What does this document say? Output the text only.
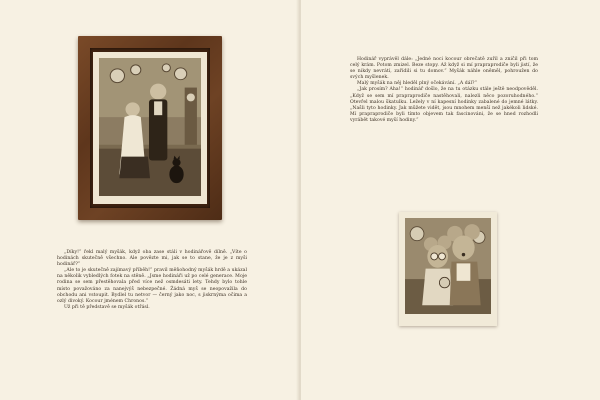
„Díky!“ řekl malý myšák, když oba zase stáli v hodinářově dílně. „Víte o hodinách skutečně všechno. Ale povězte mi, jak se to stane, že je z myši hodinář?“

„Ale to je skutečně zajímavý příběh!“ pravil měňohodný myšák hrdě a ukázal na několik vybledlých fotek na stěně. „Jsme hodináři už po celé generace. Moje rodina se sem přestěhovala před více než osmdesáti lety. Tehdy bylo tohle místo považováno za nanejvýš nebezpečné. Žádná myš se neopovažila do obchodu ani vstoupit. Bydlel tu netvor — černý jako noc, s jiskrnýma očima a ozlý divoký. Kocour jménem Chronos.“

Už při tě představě se myšák otřásl.

Hodinář vyprávěl dále: „Jedné noci kocour obrečatě zuřil a zničil při tom celý krám. Potom zmizel. Beze stopy. Až když si mí prapraprodiče byli jistí, že se nikdy nevrátí, zařídili si tu domov.“ Myšák náhle oněměl, pohroužen do svých myšlenek.

Malý myšák na něj hleděl plný očekávání. „A dál?“

„Jak prosím? Aha!“ hodinář došlo, že na tu otázku stále ještě neodpověděl. „Když se sem mí prapraprodiče nastěhovali, nalezli něco pozoruhodného.“ Otevřel malou škatulku. Ležely v ní kapesní hodinky zabalené do jemné látky. „Našli tyto hodinky. Jak můžete vidět, jsou mnohem menší než jakékoli lidské. Mí prapraprodiče byli tímto objevem tak fascinováni, že se hned rozhodli vyrábět takové myší hodiny.“
